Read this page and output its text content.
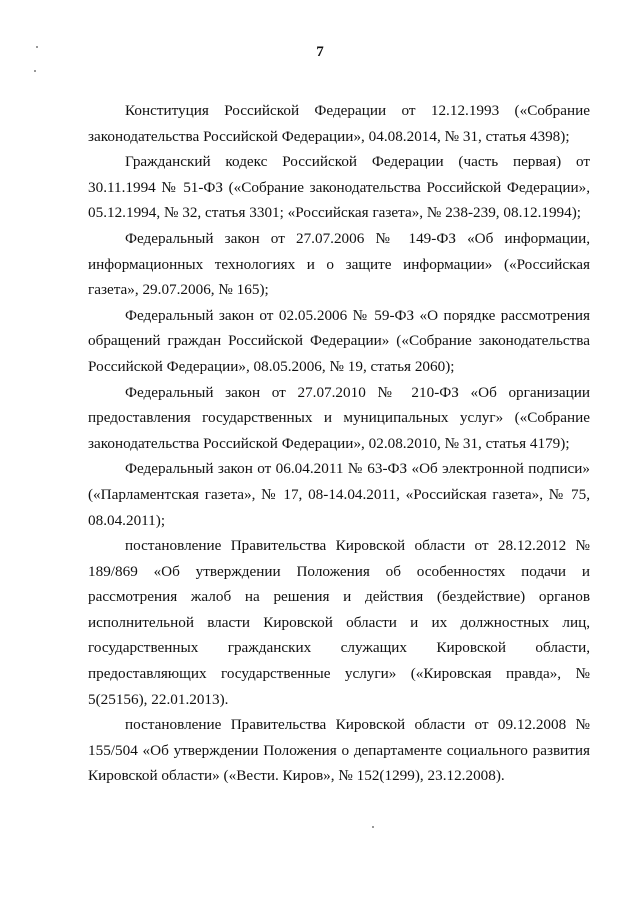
7

Конституция Российской Федерации от 12.12.1993 («Собрание законодательства Российской Федерации», 04.08.2014, № 31, статья 4398);

Гражданский кодекс Российской Федерации (часть первая) от 30.11.1994 № 51-ФЗ («Собрание законодательства Российской Федерации», 05.12.1994, № 32, статья 3301; «Российская газета», № 238-239, 08.12.1994);

Федеральный закон от 27.07.2006 № 149-ФЗ «Об информации, информационных технологиях и о защите информации» («Российская газета», 29.07.2006, № 165);

Федеральный закон от 02.05.2006 № 59-ФЗ «О порядке рассмотрения обращений граждан Российской Федерации» («Собрание законодательства Российской Федерации», 08.05.2006, № 19, статья 2060);

Федеральный закон от 27.07.2010 № 210-ФЗ «Об организации предоставления государственных и муниципальных услуг» («Собрание законодательства Российской Федерации», 02.08.2010, № 31, статья 4179);

Федеральный закон от 06.04.2011 № 63-ФЗ «Об электронной подписи» («Парламентская газета», № 17, 08-14.04.2011, «Российская газета», № 75, 08.04.2011);

постановление Правительства Кировской области от 28.12.2012 № 189/869 «Об утверждении Положения об особенностях подачи и рассмотрения жалоб на решения и действия (бездействие) органов исполнительной власти Кировской области и их должностных лиц, государственных гражданских служащих Кировской области, предоставляющих государственные услуги» («Кировская правда», № 5(25156), 22.01.2013).

постановление Правительства Кировской области от 09.12.2008 № 155/504 «Об утверждении Положения о департаменте социального развития Кировской области» («Вести. Киров», № 152(1299), 23.12.2008).
